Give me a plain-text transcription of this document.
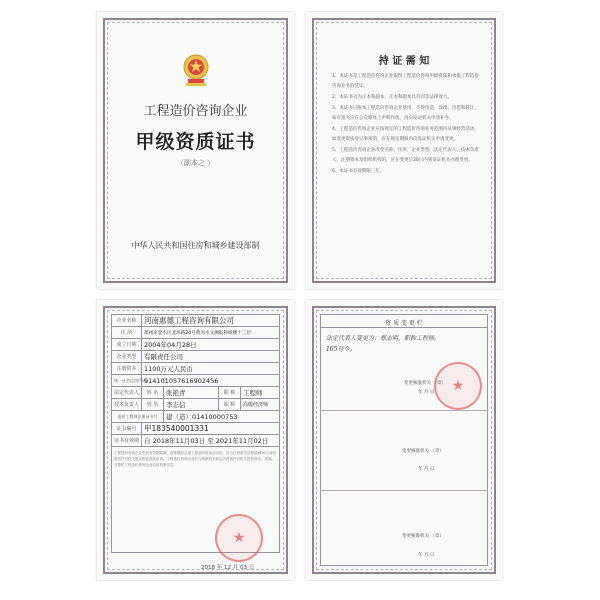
工程造价咨询企业
甲级资质证书
（副本之 ）
中华人民共和国住房和城乡建设部制
持 证 需 知
1、本证书是工程造价咨询企业取得工程造价咨询甲级资质和承揽工程造价咨询业务的凭证。
2、本证书分为正本和副本，正本和副本具有同等法律效力。
3、本证书只限本工程造价咨询企业使用，不得伪造、涂改、出借和转让，如有遗失应在公众媒体上声明作废。再向发证机关申请补办。
4、工程造价咨询企业应按规定的工程造价咨询业务范围内从事经营活动，如变更资质登记事项的，应在规定期限内向发证机关申请变更。
5、工程造价咨询企业改变名称、住所、企业类型、法定代表人、技术负责人、注册资本及组织机构的，应在变更后30日内到发证机关办理变更。
6、本证书有效期限三年。
企业名称	河南惠德工程咨询有限公司			
住 所	郑州市金水区北环路20号黄河水文测报科研楼十二层			
成立日期	2004年04月28日			
企业类型	有限责任公司			
注册资本	1100万元人民币			
统一社会信用代码	914101057616902456			
法定代表人	姓 名	张艳青	职 称	工程师
技术负责人	姓 名	李志信	职 称	高级经济师
造价工程师注册证书号		建（造）01410000753		
证书编号	甲183540001331			
证书有效期	自 2018年11月03日 至 2021年11月02日			
工程造价咨询企业资质有效期届满，需要继续从事工程造价咨询活动的，应当在资质有效期届满30日前向资质许可机关提出资质延续申请。工程造价咨询企业应当按照有关规定向资质许可机关提供真实、准确、完整的工程造价咨询企业信用档案信息。				
★
2018 年 12 月 03 日
资 质 变 更 栏
法定代表人变更为：郑志明，职称工程师。
165号令。
★
变更核准机关 （章）
年 月 日
变更核准机关 （章）
年 月 日
变更核准机关 （章）
年 月 日
